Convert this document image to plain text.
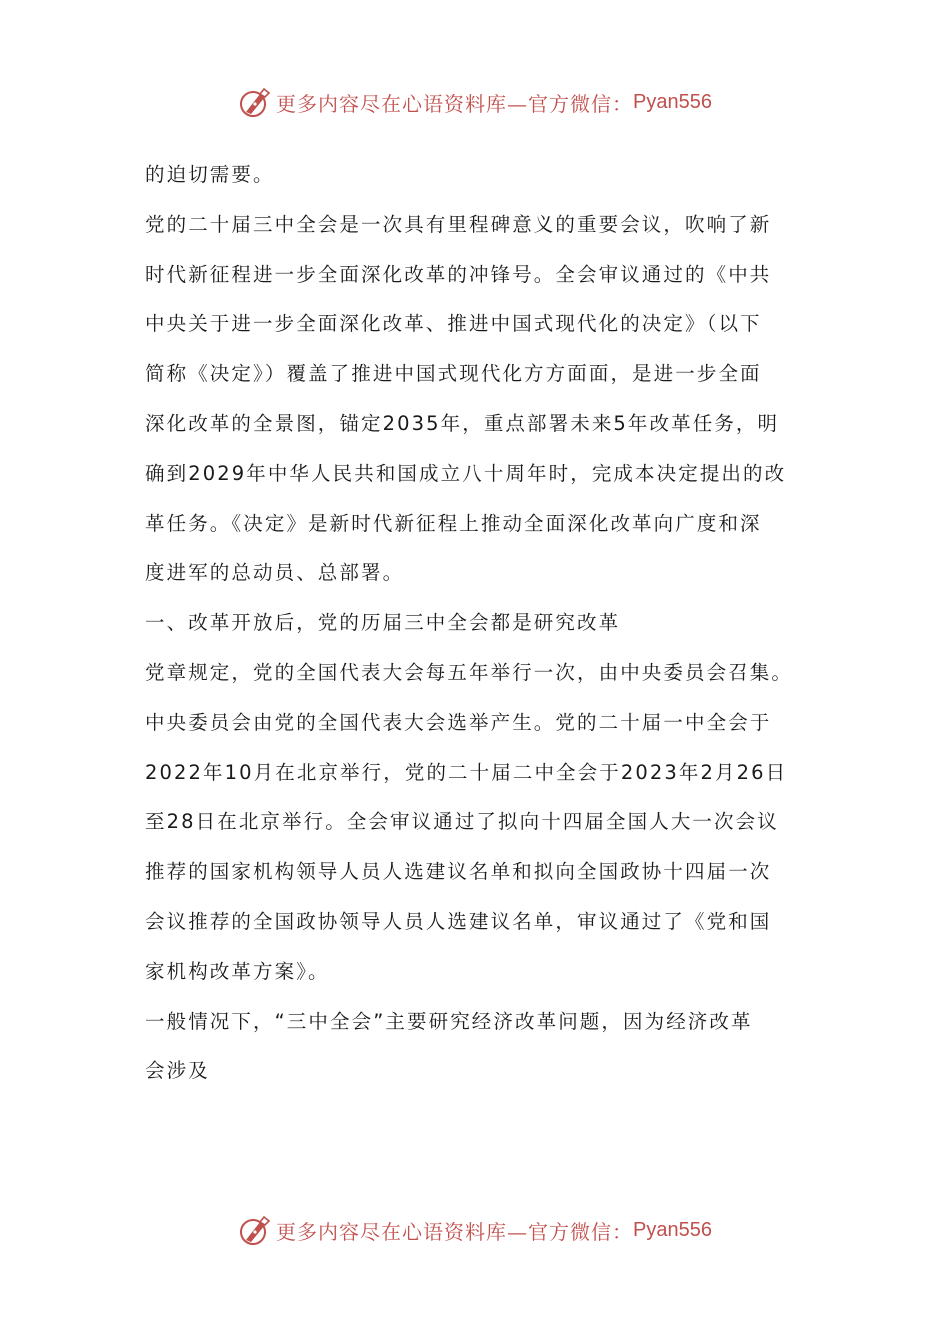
更多内容尽在心语资料库—官方微信： Pyan556
的迫切需要。
党的二十届三中全会是一次具有里程碑意义的重要会议，吹响了新
时代新征程进一步全面深化改革的冲锋号。全会审议通过的《中共
中央关于进一步全面深化改革、推进中国式现代化的决定》（以下
简称《决定》）覆盖了推进中国式现代化方方面面，是进一步全面
深化改革的全景图，锚定2035年，重点部署未来5年改革任务，明
确到2029年中华人民共和国成立八十周年时，完成本决定提出的改
革任务。《决定》是新时代新征程上推动全面深化改革向广度和深
度进军的总动员、总部署。
一、改革开放后，党的历届三中全会都是研究改革
党章规定，党的全国代表大会每五年举行一次，由中央委员会召集。
中央委员会由党的全国代表大会选举产生。党的二十届一中全会于
2022年10月在北京举行，党的二十届二中全会于2023年2月26日
至28日在北京举行。全会审议通过了拟向十四届全国人大一次会议
推荐的国家机构领导人员人选建议名单和拟向全国政协十四届一次
会议推荐的全国政协领导人员人选建议名单，审议通过了《党和国
家机构改革方案》。
一般情况下，“三中全会”主要研究经济改革问题，因为经济改革
会涉及
更多内容尽在心语资料库—官方微信： Pyan556
